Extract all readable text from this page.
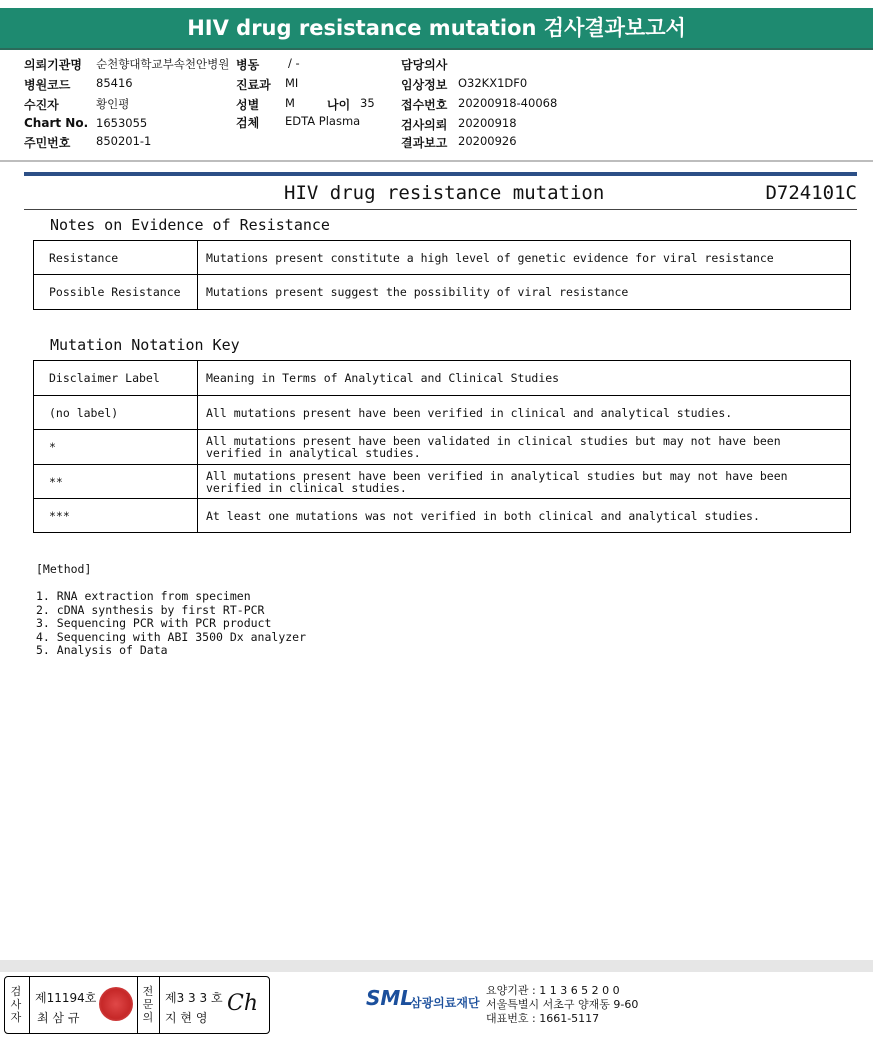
HIV drug resistance mutation 검사결과보고서
의뢰기관명 순천향대학교부속천안병원 병동	/ -	담당의사
병원코드 85416	진료과 MI	임상정보 O32KX1DF0
수진자	황인평	성별 M	나이 35 접수번호 20200918-40068
Chart No. 1653055	검체 EDTA Plasma	검사의뢰 20200918
주민번호 850201-1	결과보고 20200926
HIV drug resistance mutation	D724101C
Notes on Evidence of Resistance
Resistance	Mutations present constitute a high level of genetic evidence for viral resistance
Possible Resistance	Mutations present suggest the possibility of viral resistance
Mutation Notation Key
Disclaimer Label	Meaning in Terms of Analytical and Clinical Studies
(no label)	All mutations present have been verified in clinical and analytical studies.
*	All mutations present have been validated in clinical studies but may not have been verified in analytical studies.
**	All mutations present have been verified in analytical studies but may not have been verified in clinical studies.
***	At least one mutations was not verified in both clinical and analytical studies.
[Method]
1. RNA extraction from specimen
2. cDNA synthesis by first RT-PCR
3. Sequencing PCR with PCR product
4. Sequencing with ABI 3500 Dx analyzer
5. Analysis of Data
검사자
제11194호
최 삼 규
전문의
제3 3 3 호
지 현 영
Ch	SML
삼광의료재단
요양기관 : 1 1 3 6 5 2 0 0
서울특별시 서초구 양재동 9-60
대표번호 : 1661-5117
